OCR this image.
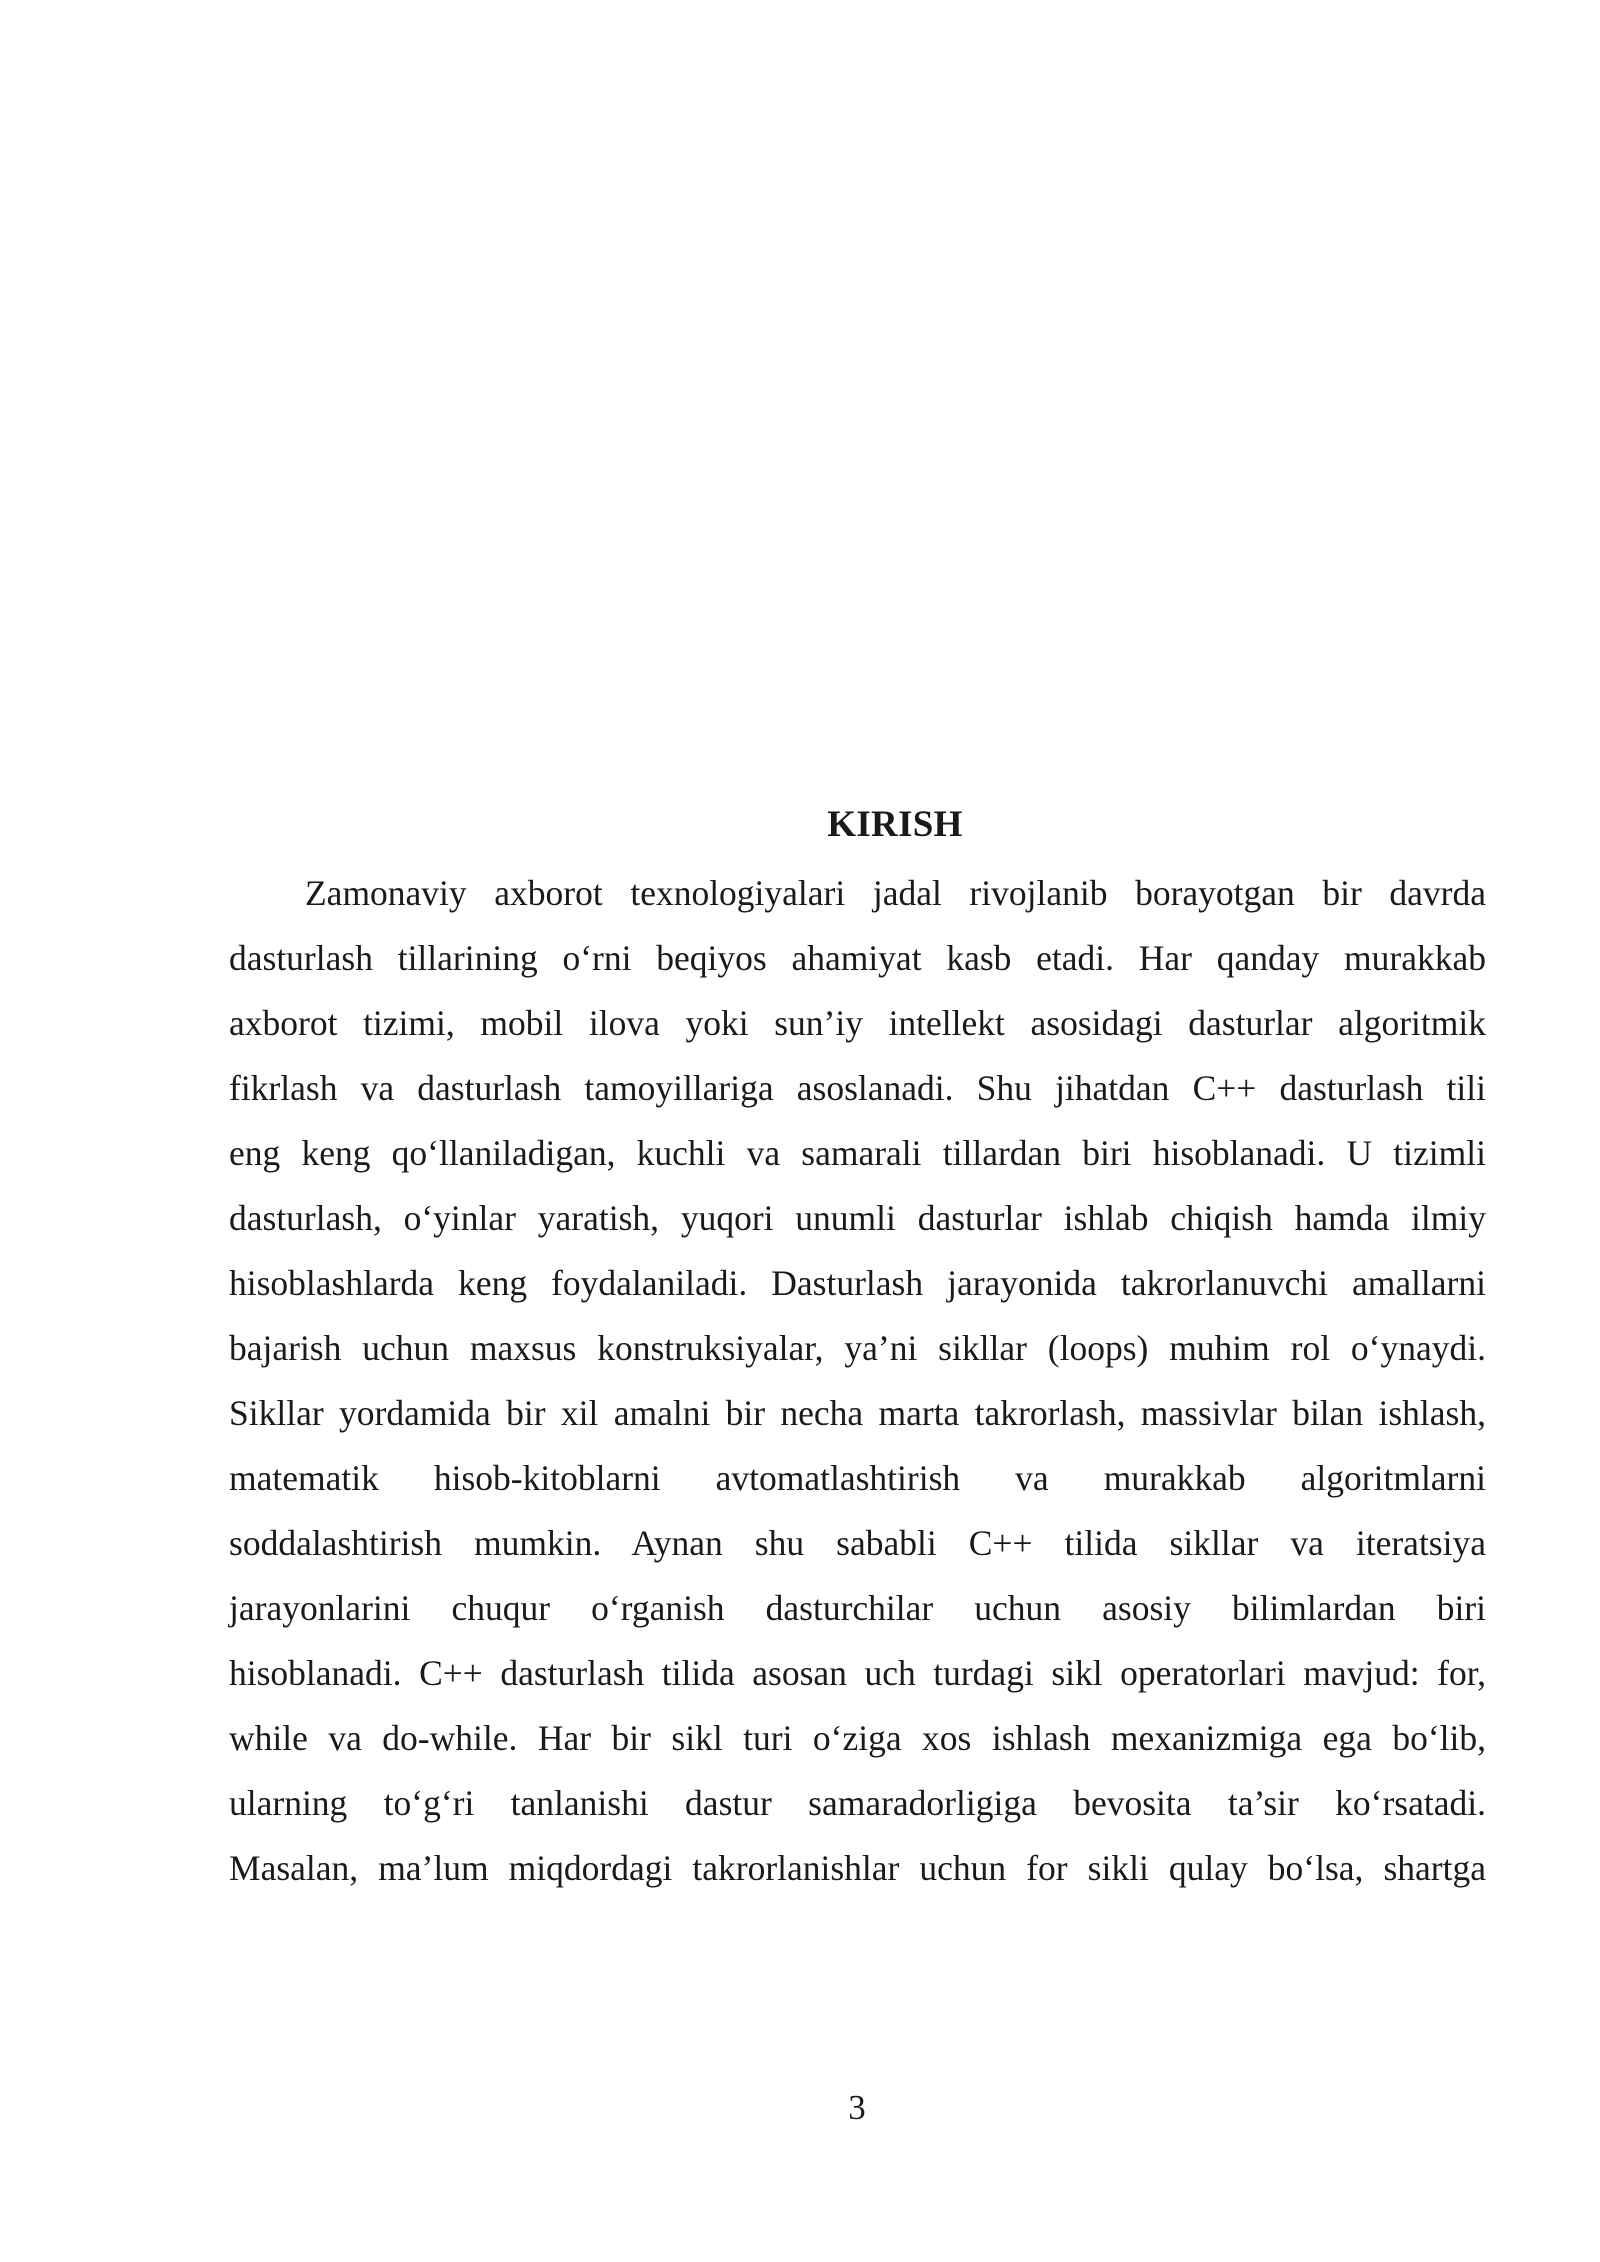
KIRISH
Zamonaviy axborot texnologiyalari jadal rivojlanib borayotgan bir davrda
dasturlash tillarining o‘rni beqiyos ahamiyat kasb etadi. Har qanday murakkab
axborot tizimi, mobil ilova yoki sun’iy intellekt asosidagi dasturlar algoritmik
fikrlash va dasturlash tamoyillariga asoslanadi. Shu jihatdan C++ dasturlash tili
eng keng qo‘llaniladigan, kuchli va samarali tillardan biri hisoblanadi. U tizimli
dasturlash, o‘yinlar yaratish, yuqori unumli dasturlar ishlab chiqish hamda ilmiy
hisoblashlarda keng foydalaniladi. Dasturlash jarayonida takrorlanuvchi amallarni
bajarish uchun maxsus konstruksiyalar, ya’ni sikllar (loops) muhim rol o‘ynaydi.
Sikllar yordamida bir xil amalni bir necha marta takrorlash, massivlar bilan ishlash,
matematik hisob-kitoblarni avtomatlashtirish va murakkab algoritmlarni
soddalashtirish mumkin. Aynan shu sababli C++ tilida sikllar va iteratsiya
jarayonlarini chuqur o‘rganish dasturchilar uchun asosiy bilimlardan biri
hisoblanadi. C++ dasturlash tilida asosan uch turdagi sikl operatorlari mavjud: for,
while va do-while. Har bir sikl turi o‘ziga xos ishlash mexanizmiga ega bo‘lib,
ularning to‘g‘ri tanlanishi dastur samaradorligiga bevosita ta’sir ko‘rsatadi.
Masalan, ma’lum miqdordagi takrorlanishlar uchun for sikli qulay bo‘lsa, shartga

3
